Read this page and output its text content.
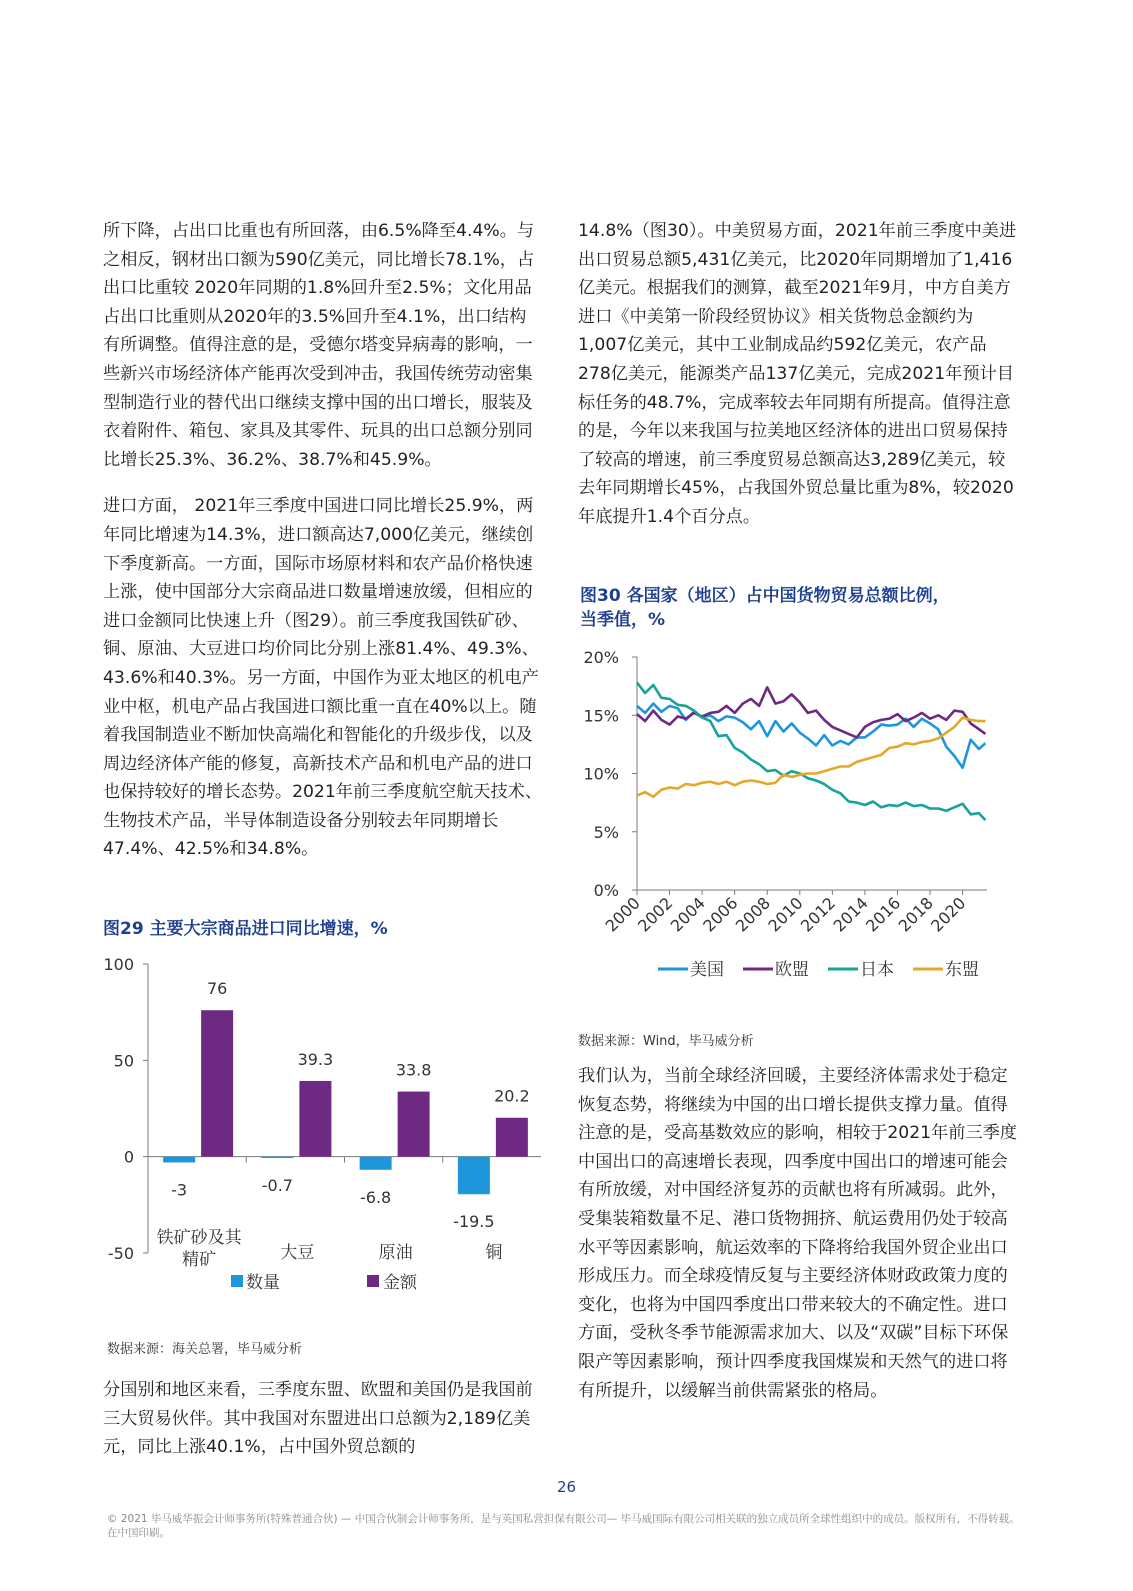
所下降，占出口比重也有所回落，由6.5%降至4.4%。与之相反，钢材出口额为590亿美元，同比增长78.1%，占出口比重较 2020年同期的1.8%回升至2.5%；文化用品占出口比重则从2020年的3.5%回升至4.1%，出口结构有所调整。值得注意的是，受德尔塔变异病毒的影响，一些新兴市场经济体产能再次受到冲击，我国传统劳动密集型制造行业的替代出口继续支撑中国的出口增长，服装及衣着附件、箱包、家具及其零件、玩具的出口总额分别同比增长25.3%、36.2%、38.7%和45.9%。

进口方面， 2021年三季度中国进口同比增长25.9%，两年同比增速为14.3%，进口额高达7,000亿美元，继续创下季度新高。一方面，国际市场原材料和农产品价格快速上涨，使中国部分大宗商品进口数量增速放缓，但相应的进口金额同比快速上升（图29）。前三季度我国铁矿砂、铜、原油、大豆进口均价同比分别上涨81.4%、49.3%、43.6%和40.3%。另一方面，中国作为亚太地区的机电产业中枢，机电产品占我国进口额比重一直在40%以上。随着我国制造业不断加快高端化和智能化的升级步伐，以及周边经济体产能的修复，高新技术产品和机电产品的进口也保持较好的增长态势。2021年前三季度航空航天技术、生物技术产品，半导体制造设备分别较去年同期增长47.4%、42.5%和34.8%。

图29 主要大宗商品进口同比增速，%
-50
0
50
100
76
-3
铁矿砂及其
精矿
39.3
-0.7
大豆
33.8
-6.8
原油
20.2
-19.5
铜
数量	金额
数据来源：海关总署，毕马威分析

分国别和地区来看，三季度东盟、欧盟和美国仍是我国前三大贸易伙伴。其中我国对东盟进出口总额为2,189亿美元，同比上涨40.1%，占中国外贸总额的

14.8%（图30）。中美贸易方面，2021年前三季度中美进出口贸易总额5,431亿美元，比2020年同期增加了1,416亿美元。根据我们的测算，截至2021年9月，中方自美方进口《中美第一阶段经贸协议》相关货物总金额约为1,007亿美元，其中工业制成品约592亿美元，农产品278亿美元，能源类产品137亿美元，完成2021年预计目标任务的48.7%，完成率较去年同期有所提高。值得注意的是，今年以来我国与拉美地区经济体的进出口贸易保持了较高的增速，前三季度贸易总额高达3,289亿美元，较去年同期增长45%，占我国外贸总量比重为8%，较2020年底提升1.4个百分点。

图30 各国家（地区）占中国货物贸易总额比例，
当季值，%
0%
5%
10%
15%
20%
2000
2002
2004
2006
2008
2010
2012
2014
2016
2018
2020
美国	欧盟	日本	东盟
数据来源：Wind，毕马威分析

我们认为，当前全球经济回暖，主要经济体需求处于稳定恢复态势，将继续为中国的出口增长提供支撑力量。值得注意的是，受高基数效应的影响，相较于2021年前三季度中国出口的高速增长表现，四季度中国出口的增速可能会有所放缓，对中国经济复苏的贡献也将有所减弱。此外，受集装箱数量不足、港口货物拥挤、航运费用仍处于较高水平等因素影响，航运效率的下降将给我国外贸企业出口形成压力。而全球疫情反复与主要经济体财政政策力度的变化，也将为中国四季度出口带来较大的不确定性。进口方面，受秋冬季节能源需求加大、以及“双碳”目标下环保限产等因素影响，预计四季度我国煤炭和天然气的进口将有所提升，以缓解当前供需紧张的格局。

26
© 2021 毕马威华振会计师事务所(特殊普通合伙) — 中国合伙制会计师事务所，是与英国私营担保有限公司— 毕马威国际有限公司相关联的独立成员所全球性组织中的成员。版权所有，不得转载。在中国印刷。
